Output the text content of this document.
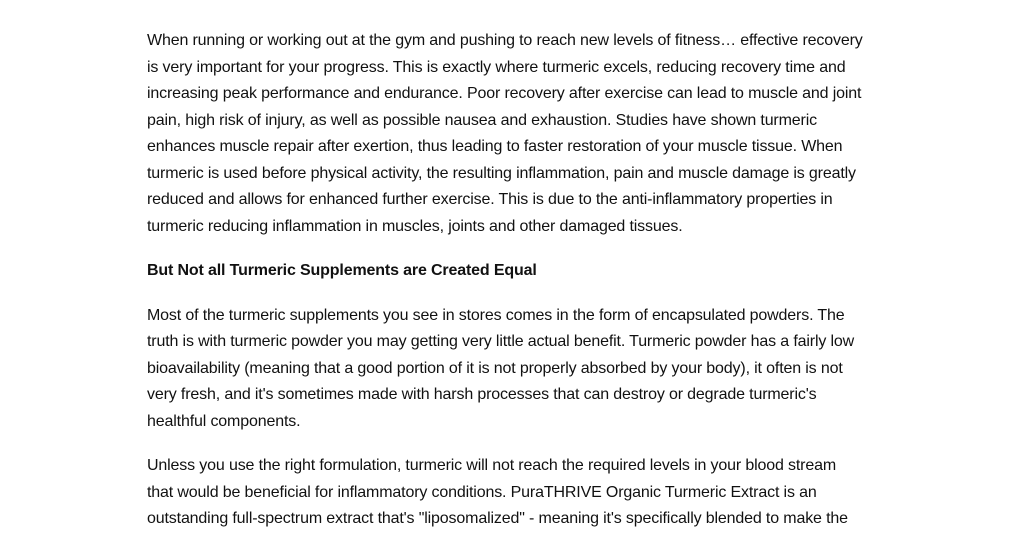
When running or working out at the gym and pushing to reach new levels of fitness… effective recovery
is very important for your progress. This is exactly where turmeric excels, reducing recovery time and
increasing peak performance and endurance. Poor recovery after exercise can lead to muscle and joint
pain, high risk of injury, as well as possible nausea and exhaustion. Studies have shown turmeric
enhances muscle repair after exertion, thus leading to faster restoration of your muscle tissue. When
turmeric is used before physical activity, the resulting inflammation, pain and muscle damage is greatly
reduced and allows for enhanced further exercise. This is due to the anti-inflammatory properties in
turmeric reducing inflammation in muscles, joints and other damaged tissues.
But Not all Turmeric Supplements are Created Equal
Most of the turmeric supplements you see in stores comes in the form of encapsulated powders. The
truth is with turmeric powder you may getting very little actual benefit. Turmeric powder has a fairly low
bioavailability (meaning that a good portion of it is not properly absorbed by your body), it often is not
very fresh, and it's sometimes made with harsh processes that can destroy or degrade turmeric's
healthful components.
Unless you use the right formulation, turmeric will not reach the required levels in your blood stream
that would be beneficial for inflammatory conditions. PuraTHRIVE Organic Turmeric Extract is an
outstanding full-spectrum extract that's "liposomalized" - meaning it's specifically blended to make the
